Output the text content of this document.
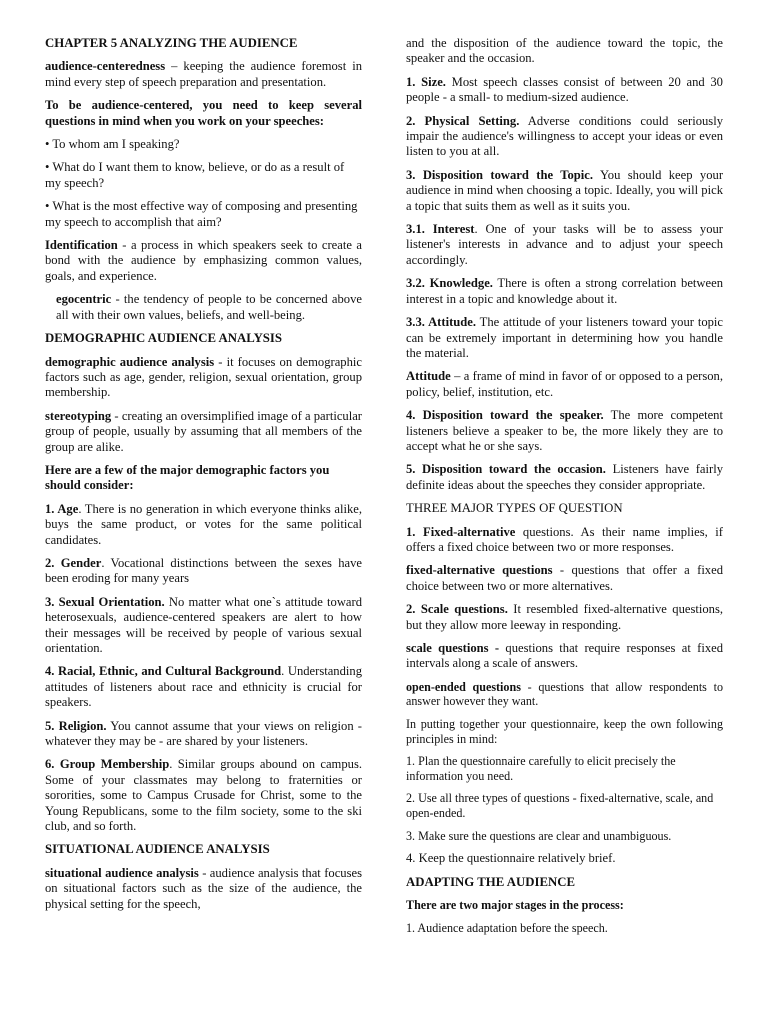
CHAPTER 5 ANALYZING THE AUDIENCE

audience-centeredness – keeping the audience foremost in mind every step of speech preparation and presentation.

To be audience-centered, you need to keep several questions in mind when you work on your speeches:

• To whom am I speaking?

• What do I want them to know, believe, or do as a result of my speech?

• What is the most effective way of composing and presenting my speech to accomplish that aim?

Identification - a process in which speakers seek to create a bond with the audience by emphasizing common values, goals, and experience.

egocentric - the tendency of people to be concerned above all with their own values, beliefs, and well-being.

DEMOGRAPHIC AUDIENCE ANALYSIS

demographic audience analysis - it focuses on demographic factors such as age, gender, religion, sexual orientation, group membership.

stereotyping - creating an oversimplified image of a particular group of people, usually by assuming that all members of the group are alike.

Here are a few of the major demographic factors you should consider:

1. Age. There is no generation in which everyone thinks alike, buys the same product, or votes for the same political candidates.

2. Gender. Vocational distinctions between the sexes have been eroding for many years

3. Sexual Orientation. No matter what one`s attitude toward heterosexuals, audience-centered speakers are alert to how their messages will be received by people of various sexual orientation.

4. Racial, Ethnic, and Cultural Background. Understanding attitudes of listeners about race and ethnicity is crucial for speakers.

5. Religion. You cannot assume that your views on religion - whatever they may be - are shared by your listeners.

6. Group Membership. Similar groups abound on campus. Some of your classmates may belong to fraternities or sororities, some to Campus Crusade for Christ, some to the Young Republicans, some to the film society, some to the ski club, and so forth.

SITUATIONAL AUDIENCE ANALYSIS

situational audience analysis - audience analysis that focuses on situational factors such as the size of the audience, the physical setting for the speech,

and the disposition of the audience toward the topic, the speaker and the occasion.

1. Size. Most speech classes consist of between 20 and 30 people - a small- to medium-sized audience.

2. Physical Setting. Adverse conditions could seriously impair the audience's willingness to accept your ideas or even listen to you at all.

3. Disposition toward the Topic. You should keep your audience in mind when choosing a topic. Ideally, you will pick a topic that suits them as well as it suits you.

3.1. Interest. One of your tasks will be to assess your listener's interests in advance and to adjust your speech accordingly.

3.2. Knowledge. There is often a strong correlation between interest in a topic and knowledge about it.

3.3. Attitude. The attitude of your listeners toward your topic can be extremely important in determining how you handle the material.

Attitude – a frame of mind in favor of or opposed to a person, policy, belief, institution, etc.

4. Disposition toward the speaker. The more competent listeners believe a speaker to be, the more likely they are to accept what he or she says.

5. Disposition toward the occasion. Listeners have fairly definite ideas about the speeches they consider appropriate.

THREE MAJOR TYPES OF QUESTION

1. Fixed-alternative questions. As their name implies, if offers a fixed choice between two or more responses.

fixed-alternative questions - questions that offer a fixed choice between two or more alternatives.

2. Scale questions. It resembled fixed-alternative questions, but they allow more leeway in responding.

scale questions - questions that require responses at fixed intervals along a scale of answers.

open-ended questions - questions that allow respondents to answer however they want.

In putting together your questionnaire, keep the own following principles in mind:

1. Plan the questionnaire carefully to elicit precisely the information you need.

2. Use all three types of questions - fixed-alternative, scale, and open-ended.

3. Make sure the questions are clear and unambiguous.

4. Keep the questionnaire relatively brief.

ADAPTING THE AUDIENCE

There are two major stages in the process:

1. Audience adaptation before the speech.
